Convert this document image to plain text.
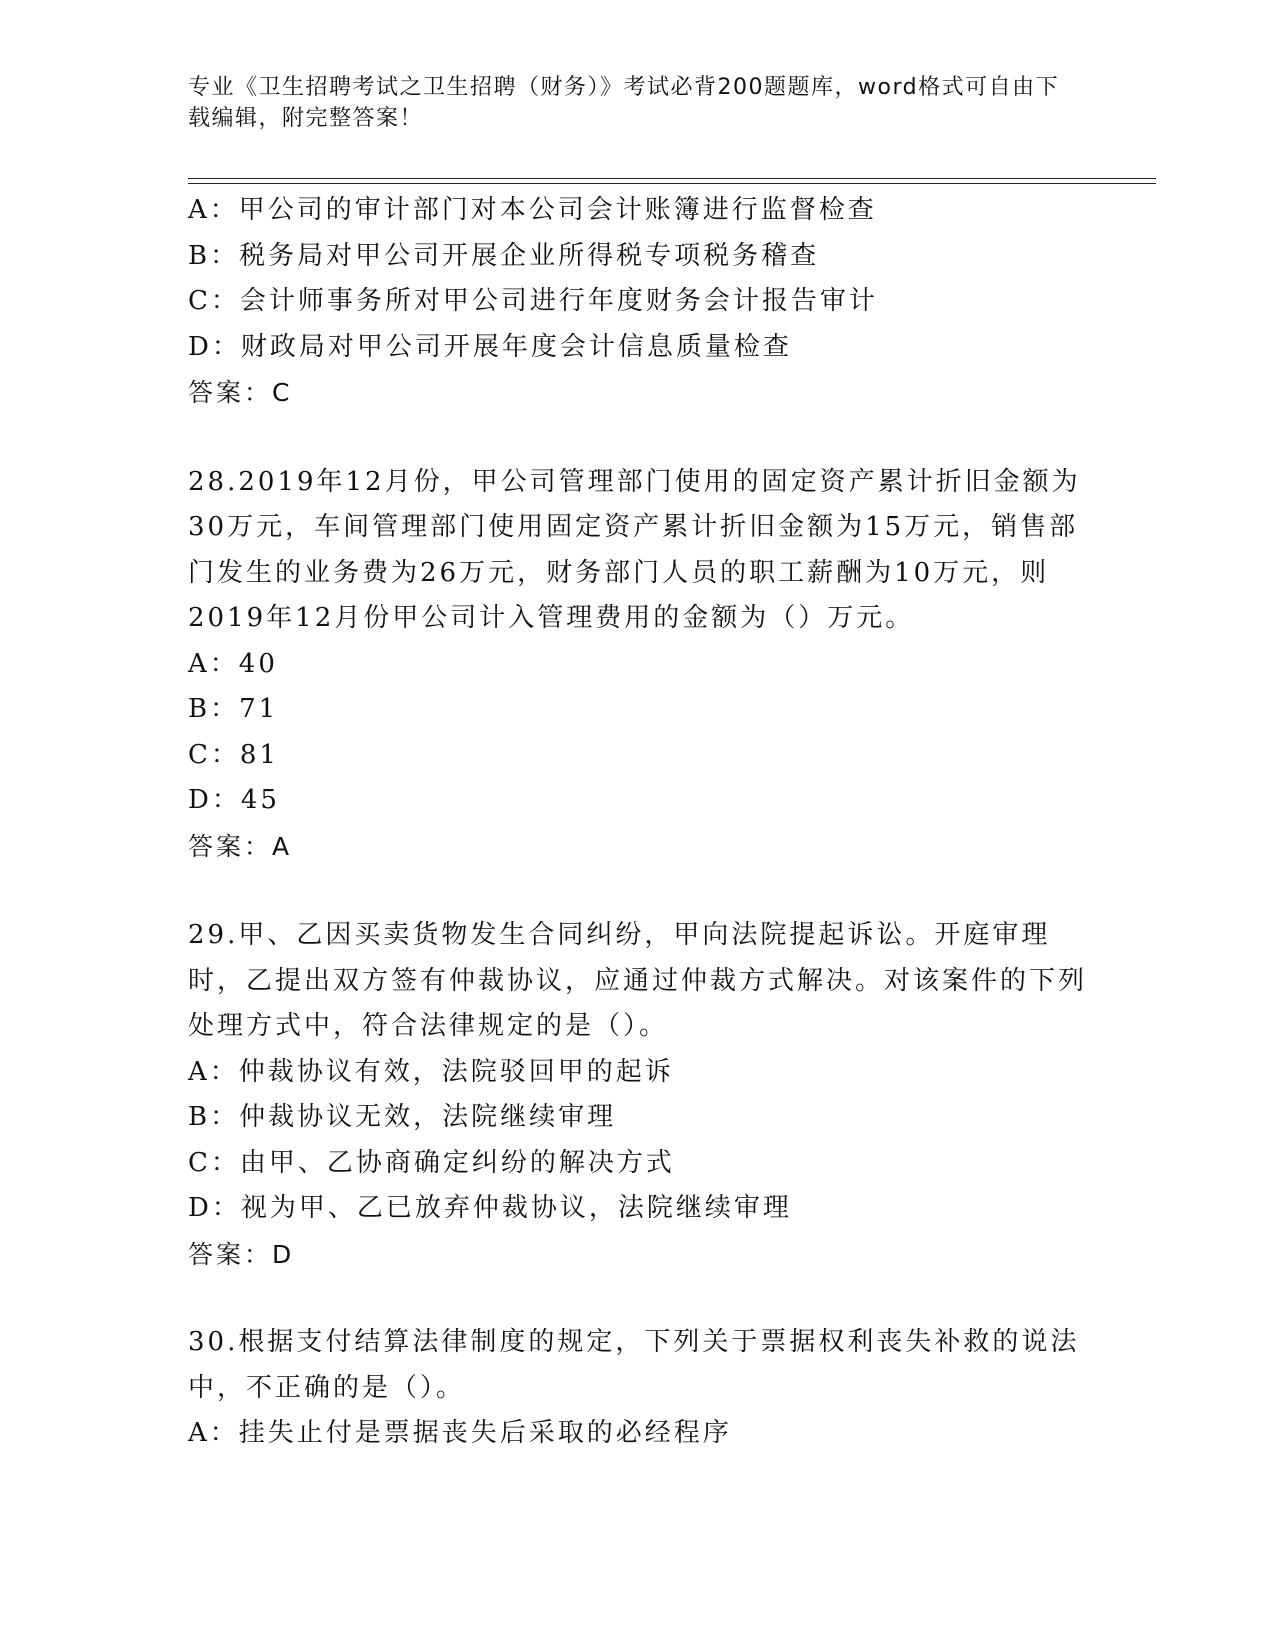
专业《卫生招聘考试之卫生招聘（财务）》考试必背200题题库，word格式可自由下载编辑，附完整答案！
A：甲公司的审计部门对本公司会计账簿进行监督检查
B：税务局对甲公司开展企业所得税专项税务稽查
C：会计师事务所对甲公司进行年度财务会计报告审计
D：财政局对甲公司开展年度会计信息质量检查
答案：C
28.2019年12月份，甲公司管理部门使用的固定资产累计折旧金额为30万元，车间管理部门使用固定资产累计折旧金额为15万元，销售部门发生的业务费为26万元，财务部门人员的职工薪酬为10万元，则2019年12月份甲公司计入管理费用的金额为（）万元。
A：40
B：71
C：81
D：45
答案：A
29.甲、乙因买卖货物发生合同纠纷，甲向法院提起诉讼。开庭审理时，乙提出双方签有仲裁协议，应通过仲裁方式解决。对该案件的下列处理方式中，符合法律规定的是（）。
A：仲裁协议有效，法院驳回甲的起诉
B：仲裁协议无效，法院继续审理
C：由甲、乙协商确定纠纷的解决方式
D：视为甲、乙已放弃仲裁协议，法院继续审理
答案：D
30.根据支付结算法律制度的规定，下列关于票据权利丧失补救的说法中，不正确的是（）。
A：挂失止付是票据丧失后采取的必经程序
